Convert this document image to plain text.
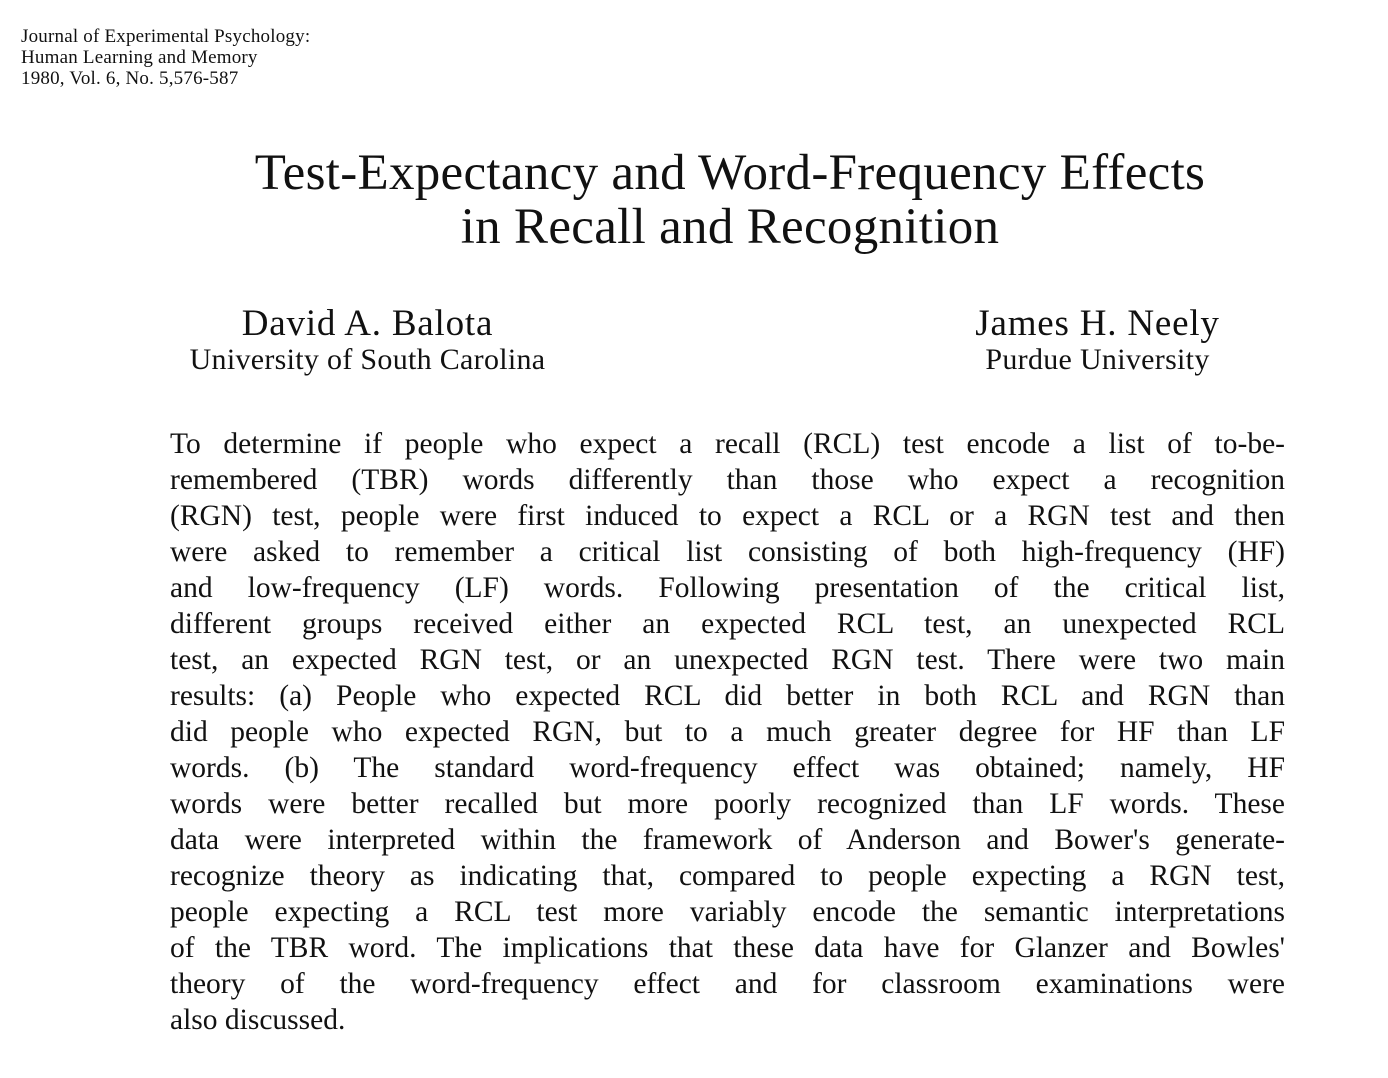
Journal of Experimental Psychology:
Human Learning and Memory
1980, Vol. 6, No. 5,576-587
Test-Expectancy and Word-Frequency Effects
in Recall and Recognition
David A. Balota
University of South Carolina
James H. Neely
Purdue University
To determine if people who expect a recall (RCL) test encode a list of to-be-
remembered (TBR) words differently than those who expect a recognition
(RGN) test, people were first induced to expect a RCL or a RGN test and then
were asked to remember a critical list consisting of both high-frequency (HF)
and low-frequency (LF) words. Following presentation of the critical list,
different groups received either an expected RCL test, an unexpected RCL
test, an expected RGN test, or an unexpected RGN test. There were two main
results: (a) People who expected RCL did better in both RCL and RGN than
did people who expected RGN, but to a much greater degree for HF than LF
words. (b) The standard word-frequency effect was obtained; namely, HF
words were better recalled but more poorly recognized than LF words. These
data were interpreted within the framework of Anderson and Bower's generate-
recognize theory as indicating that, compared to people expecting a RGN test,
people expecting a RCL test more variably encode the semantic interpretations
of the TBR word. The implications that these data have for Glanzer and Bowles'
theory of the word-frequency effect and for classroom examinations were
also discussed.
